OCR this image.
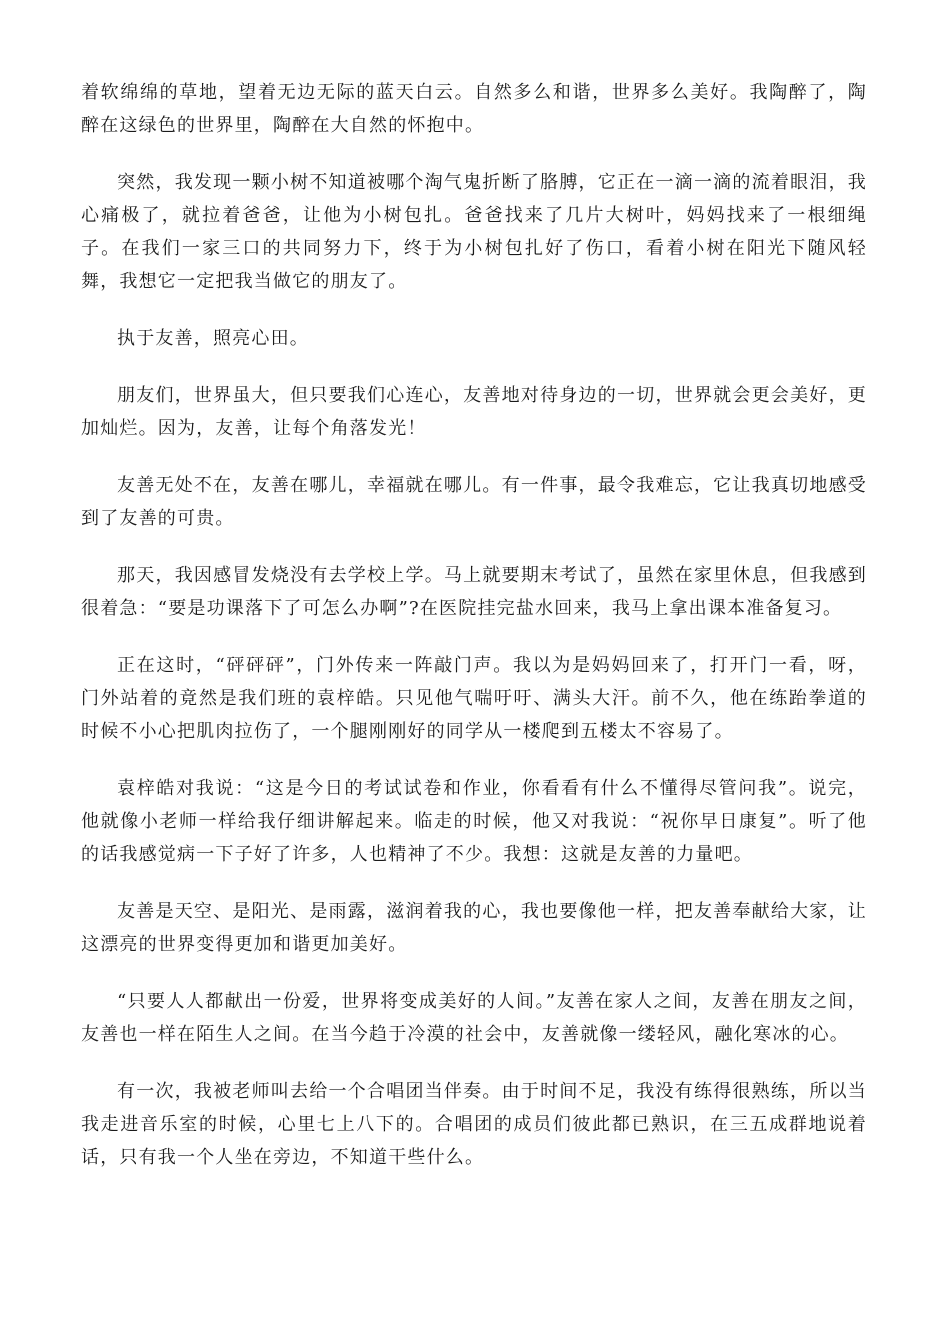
着软绵绵的草地，望着无边无际的蓝天白云。自然多么和谐，世界多么美好。我陶醉了，陶醉在这绿色的世界里，陶醉在大自然的怀抱中。

突然，我发现一颗小树不知道被哪个淘气鬼折断了胳膊，它正在一滴一滴的流着眼泪，我心痛极了，就拉着爸爸，让他为小树包扎。爸爸找来了几片大树叶，妈妈找来了一根细绳子。在我们一家三口的共同努力下，终于为小树包扎好了伤口，看着小树在阳光下随风轻舞，我想它一定把我当做它的朋友了。

执于友善，照亮心田。

朋友们，世界虽大，但只要我们心连心，友善地对待身边的一切，世界就会更会美好，更加灿烂。因为，友善，让每个角落发光！

友善无处不在，友善在哪儿，幸福就在哪儿。有一件事，最令我难忘，它让我真切地感受到了友善的可贵。

那天，我因感冒发烧没有去学校上学。马上就要期末考试了，虽然在家里休息，但我感到很着急：“要是功课落下了可怎么办啊”?在医院挂完盐水回来，我马上拿出课本准备复习。

正在这时，“砰砰砰”，门外传来一阵敲门声。我以为是妈妈回来了，打开门一看，呀，门外站着的竟然是我们班的袁梓皓。只见他气喘吁吁、满头大汗。前不久，他在练跆拳道的时候不小心把肌肉拉伤了，一个腿刚刚好的同学从一楼爬到五楼太不容易了。

袁梓皓对我说：“这是今日的考试试卷和作业，你看看有什么不懂得尽管问我”。说完，他就像小老师一样给我仔细讲解起来。临走的时候，他又对我说：“祝你早日康复”。听了他的话我感觉病一下子好了许多，人也精神了不少。我想：这就是友善的力量吧。

友善是天空、是阳光、是雨露，滋润着我的心，我也要像他一样，把友善奉献给大家，让这漂亮的世界变得更加和谐更加美好。

“只要人人都献出一份爱，世界将变成美好的人间。”友善在家人之间，友善在朋友之间，友善也一样在陌生人之间。在当今趋于冷漠的社会中，友善就像一缕轻风，融化寒冰的心。

有一次，我被老师叫去给一个合唱团当伴奏。由于时间不足，我没有练得很熟练，所以当我走进音乐室的时候，心里七上八下的。合唱团的成员们彼此都已熟识，在三五成群地说着话，只有我一个人坐在旁边，不知道干些什么。
